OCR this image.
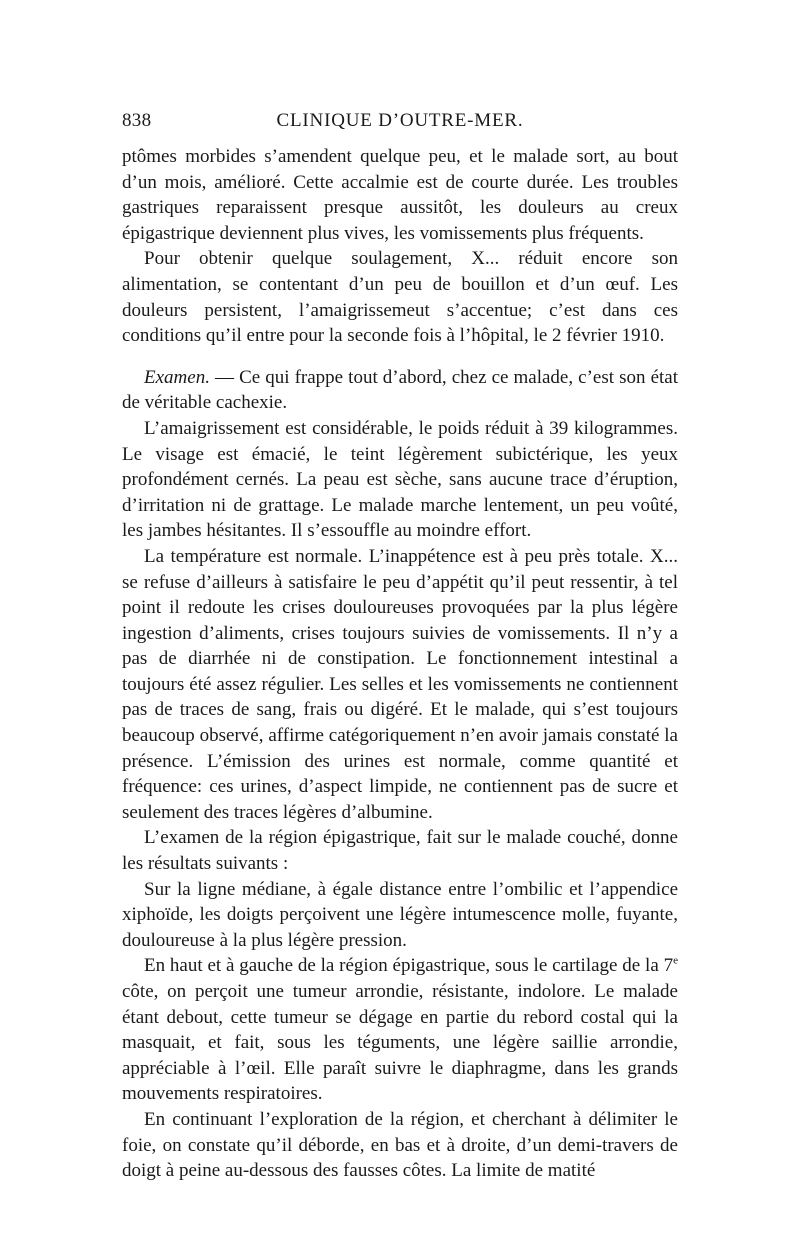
838	CLINIQUE D’OUTRE-MER.

ptômes morbides s’amendent quelque peu, et le malade sort, au bout d’un mois, amélioré. Cette accalmie est de courte durée. Les troubles gastriques reparaissent presque aussitôt, les douleurs au creux épigastrique deviennent plus vives, les vomissements plus fréquents.

Pour obtenir quelque soulagement, X... réduit encore son alimentation, se contentant d’un peu de bouillon et d’un œuf. Les douleurs persistent, l’amaigrissemeut s’accentue; c’est dans ces conditions qu’il entre pour la seconde fois à l’hôpital, le 2 février 1910.

Examen. — Ce qui frappe tout d’abord, chez ce malade, c’est son état de véritable cachexie.

L’amaigrissement est considérable, le poids réduit à 39 kilogrammes. Le visage est émacié, le teint légèrement subictérique, les yeux profondément cernés. La peau est sèche, sans aucune trace d’éruption, d’irritation ni de grattage. Le malade marche lentement, un peu voûté, les jambes hésitantes. Il s’essouffle au moindre effort.

La température est normale. L’inappétence est à peu près totale. X... se refuse d’ailleurs à satisfaire le peu d’appétit qu’il peut ressentir, à tel point il redoute les crises douloureuses provoquées par la plus légère ingestion d’aliments, crises toujours suivies de vomissements. Il n’y a pas de diarrhée ni de constipation. Le fonctionnement intestinal a toujours été assez régulier. Les selles et les vomissements ne contiennent pas de traces de sang, frais ou digéré. Et le malade, qui s’est toujours beaucoup observé, affirme catégoriquement n’en avoir jamais constaté la présence. L’émission des urines est normale, comme quantité et fréquence: ces urines, d’aspect limpide, ne contiennent pas de sucre et seulement des traces légères d’albumine.

L’examen de la région épigastrique, fait sur le malade couché, donne les résultats suivants :

Sur la ligne médiane, à égale distance entre l’ombilic et l’appendice xiphoïde, les doigts perçoivent une légère intumescence molle, fuyante, douloureuse à la plus légère pression.

En haut et à gauche de la région épigastrique, sous le cartilage de la 7e côte, on perçoit une tumeur arrondie, résistante, indolore. Le malade étant debout, cette tumeur se dégage en partie du rebord costal qui la masquait, et fait, sous les téguments, une légère saillie arrondie, appréciable à l’œil. Elle paraît suivre le diaphragme, dans les grands mouvements respiratoires.

En continuant l’exploration de la région, et cherchant à délimiter le foie, on constate qu’il déborde, en bas et à droite, d’un demi-travers de doigt à peine au-dessous des fausses côtes. La limite de matité
